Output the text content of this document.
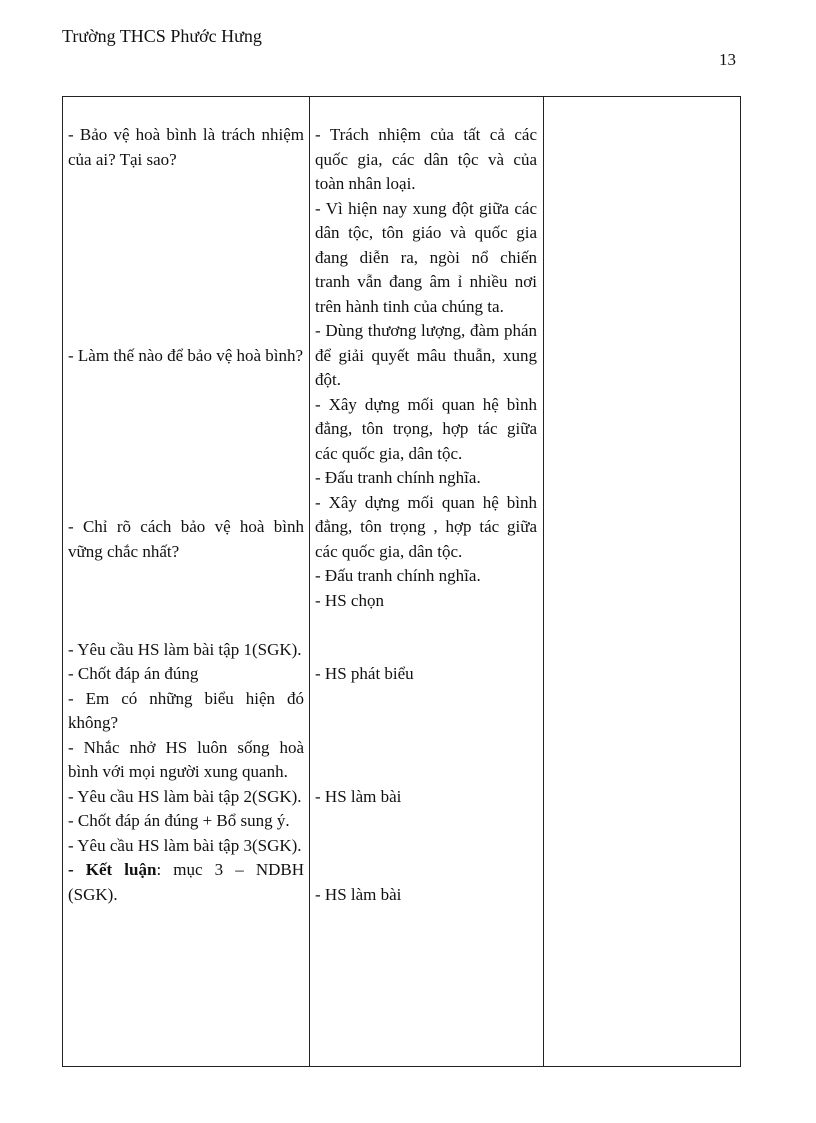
Trường THCS Phước Hưng
13

- Bảo vệ hoà bình là trách nhiệm của ai? Tại sao?

- Làm thế nào để bảo vệ hoà bình?

- Chỉ rõ cách bảo vệ hoà bình vững chắc nhất?

- Yêu cầu HS làm bài tập 1(SGK).

- Chốt đáp án đúng

- Em có những biểu hiện đó không?

- Nhắc nhở HS luôn sống hoà bình với mọi người xung quanh.

- Yêu cầu HS làm bài tập 2(SGK).

- Chốt đáp án đúng + Bổ sung ý.

- Yêu cầu HS làm bài tập 3(SGK).

- Kết luận: mục 3 – NDBH (SGK).

- Trách nhiệm của tất cả các quốc gia, các dân tộc và của toàn nhân loại.

- Vì hiện nay xung đột giữa các dân tộc, tôn giáo và quốc gia đang diễn ra, ngòi nổ chiến tranh vẫn đang âm ỉ nhiều nơi trên hành tinh của chúng ta.

- Dùng thương lượng, đàm phán để giải quyết mâu thuẫn, xung đột.

- Xây dựng mối quan hệ bình đẳng, tôn trọng, hợp tác giữa các quốc gia, dân tộc.

- Đấu tranh chính nghĩa.

- Xây dựng mối quan hệ bình đẳng, tôn trọng , hợp tác giữa các quốc gia, dân tộc.

- Đấu tranh chính nghĩa.

- HS chọn

- HS phát biểu

- HS làm bài

- HS làm bài
